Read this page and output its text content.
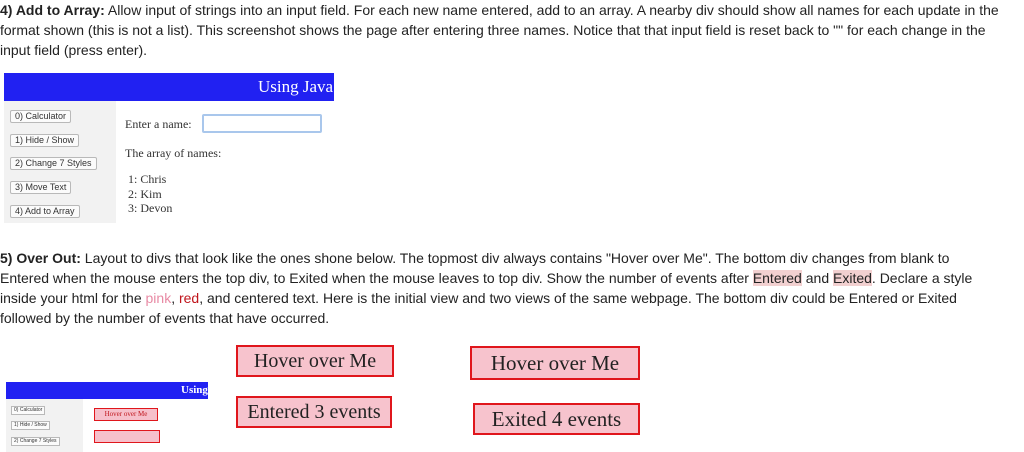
4) Add to Array: Allow input of strings into an input field. For each new name entered, add to an array. A nearby div should show all names for each update in the format shown (this is not a list). This screenshot shows the page after entering three names. Notice that that input field is reset back to "" for each change in the input field (press enter).
Using JavaS
0) Calculator
1) Hide / Show
2) Change 7 Styles
3) Move Text
4) Add to Array
Enter a name:
The array of names:
1: Chris
2: Kim
3: Devon
5) Over Out: Layout to divs that look like the ones shone below. The topmost div always contains "Hover over Me". The bottom div changes from blank to Entered when the mouse enters the top div, to Exited when the mouse leaves to top div. Show the number of events after Entered and Exited. Declare a style inside your html for the pink, red, and centered text. Here is the initial view and two views of the same webpage. The bottom div could be Entered or Exited followed by the number of events that have occurred.
Using
0) Calculator
1) Hide / Show
2) Change 7 Styles
Hover over Me
Hover over Me
Entered 3 events
Hover over Me
Exited 4 events
